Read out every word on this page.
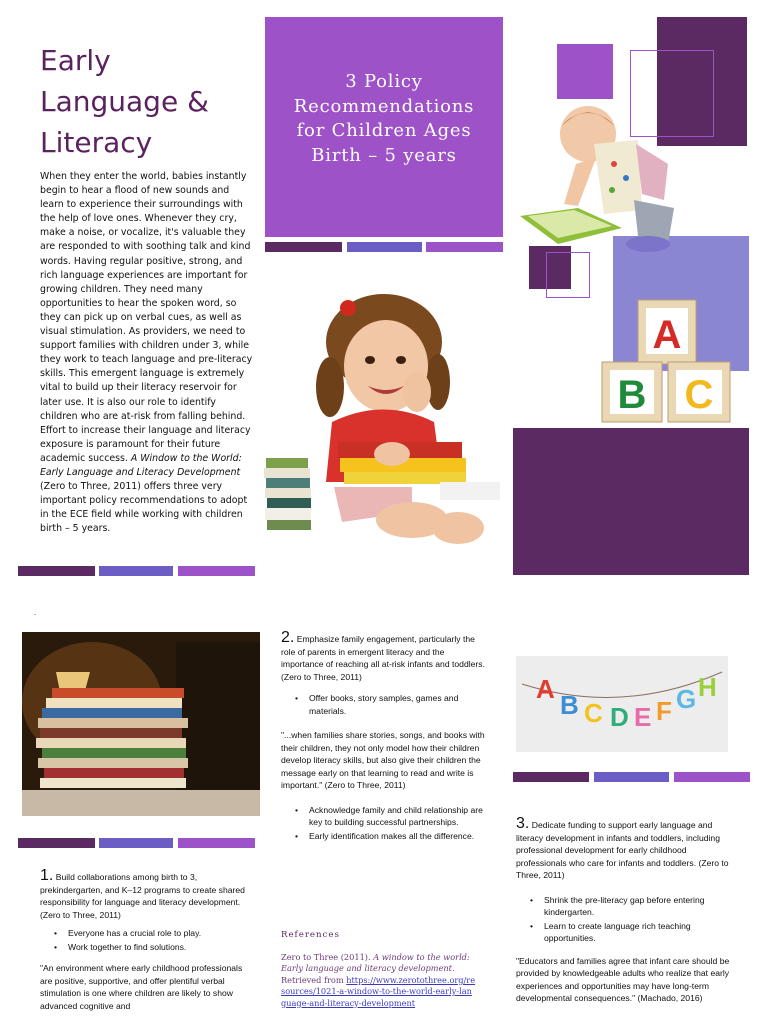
Early
Language &
Literacy
When they enter the world, babies instantly begin to hear a flood of new sounds and learn to experience their surroundings with the help of love ones. Whenever they cry, make a noise, or vocalize, it's valuable they are responded to with soothing talk and kind words. Having regular positive, strong, and rich language experiences are important for growing children. They need many opportunities to hear the spoken word, so they can pick up on verbal cues, as well as visual stimulation. As providers, we need to support families with children under 3, while they work to teach language and pre-literacy skills. This emergent language is extremely vital to build up their literacy reservoir for later use. It is also our role to identify children who are at-risk from falling behind. Effort to increase their language and literacy exposure is paramount for their future academic success. A Window to the World: Early Language and Literacy Development (Zero to Three, 2011) offers three very important policy recommendations to adopt in the ECE field while working with children birth – 5 years.
3 Policy
Recommendations
for Children Ages
Birth – 5 years
A
B C
.
1. Build collaborations among birth to 3, prekindergarten, and K–12 programs to create shared responsibility for language and literacy development. (Zero to Three, 2011)
• Everyone has a crucial role to play.
• Work together to find solutions.
"An environment where early childhood professionals are positive, supportive, and offer plentiful verbal stimulation is one where children are likely to show advanced cognitive and
2. Emphasize family engagement, particularly the role of parents in emergent literacy and the importance of reaching all at-risk infants and toddlers. (Zero to Three, 2011)
• Offer books, story samples, games and materials.
"...when families share stories, songs, and books with their children, they not only model how their children develop literacy skills, but also give their children the message early on that learning to read and write is important." (Zero to Three, 2011)
• Acknowledge family and child relationship are key to building successful partnerships.
• Early identification makes all the difference.
References
Zero to Three (2011). A window to the world: Early language and literacy development. Retrieved from https://www.zerotothree.org/resources/1021-a-window-to-the-world-early-language-and-literacy-development
A
B C D E F G H
3. Dedicate funding to support early language and literacy development in infants and toddlers, including professional development for early childhood professionals who care for infants and toddlers. (Zero to Three, 2011)
• Shrink the pre-literacy gap before entering kindergarten.
• Learn to create language rich teaching opportunities.
"Educators and families agree that infant care should be provided by knowledgeable adults who realize that early experiences and opportunities may have long-term developmental consequences." (Machado, 2016)
